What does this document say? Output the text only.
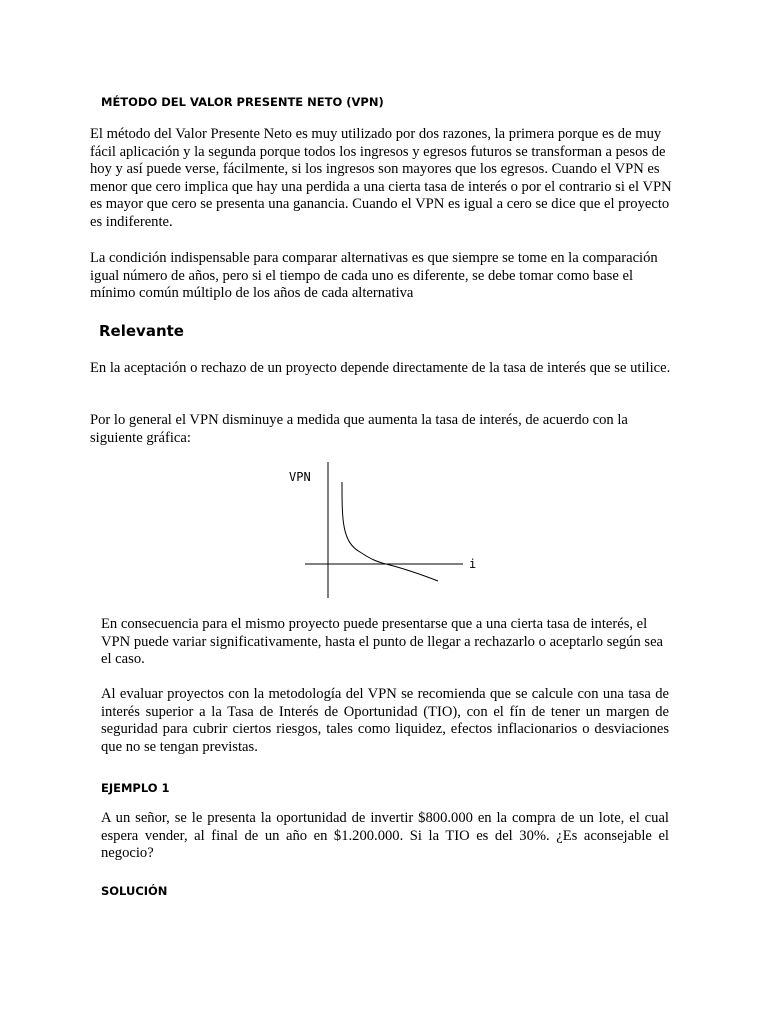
MÉTODO DEL VALOR PRESENTE NETO (VPN)

El método del Valor Presente Neto es muy utilizado por dos razones, la primera porque es de muy fácil aplicación y la segunda porque todos los ingresos y egresos futuros se transforman a pesos de hoy y así puede verse, fácilmente, si los ingresos son mayores que los egresos. Cuando el VPN es menor que cero implica que hay una perdida a una cierta tasa de interés o por el contrario si el VPN es mayor que cero se presenta una ganancia. Cuando el VPN es igual a cero se dice que el proyecto es indiferente.

La condición indispensable para comparar alternativas es que siempre se tome en la comparación igual número de años, pero si el tiempo de cada uno es diferente, se debe tomar como base el mínimo común múltiplo de los años de cada alternativa

Relevante

En la aceptación o rechazo de un proyecto depende directamente de la tasa de interés que se utilice.

Por lo general el VPN disminuye a medida que aumenta la tasa de interés, de acuerdo con la siguiente gráfica:

VPN
i

En consecuencia para el mismo proyecto puede presentarse que a una cierta tasa de interés, el VPN puede variar significativamente, hasta el punto de llegar a rechazarlo o aceptarlo según sea el caso.

Al evaluar proyectos con la metodología del VPN se recomienda que se calcule con una tasa de interés superior a la Tasa de Interés de Oportunidad (TIO), con el fín de tener un margen de seguridad para cubrir ciertos riesgos, tales como liquidez, efectos inflacionarios o desviaciones que no se tengan previstas.

EJEMPLO 1

A un señor, se le presenta la oportunidad de invertir $800.000 en la compra de un lote, el cual espera vender, al final de un año en $1.200.000. Si la TIO es del 30%. ¿Es aconsejable el negocio?

SOLUCIÓN
